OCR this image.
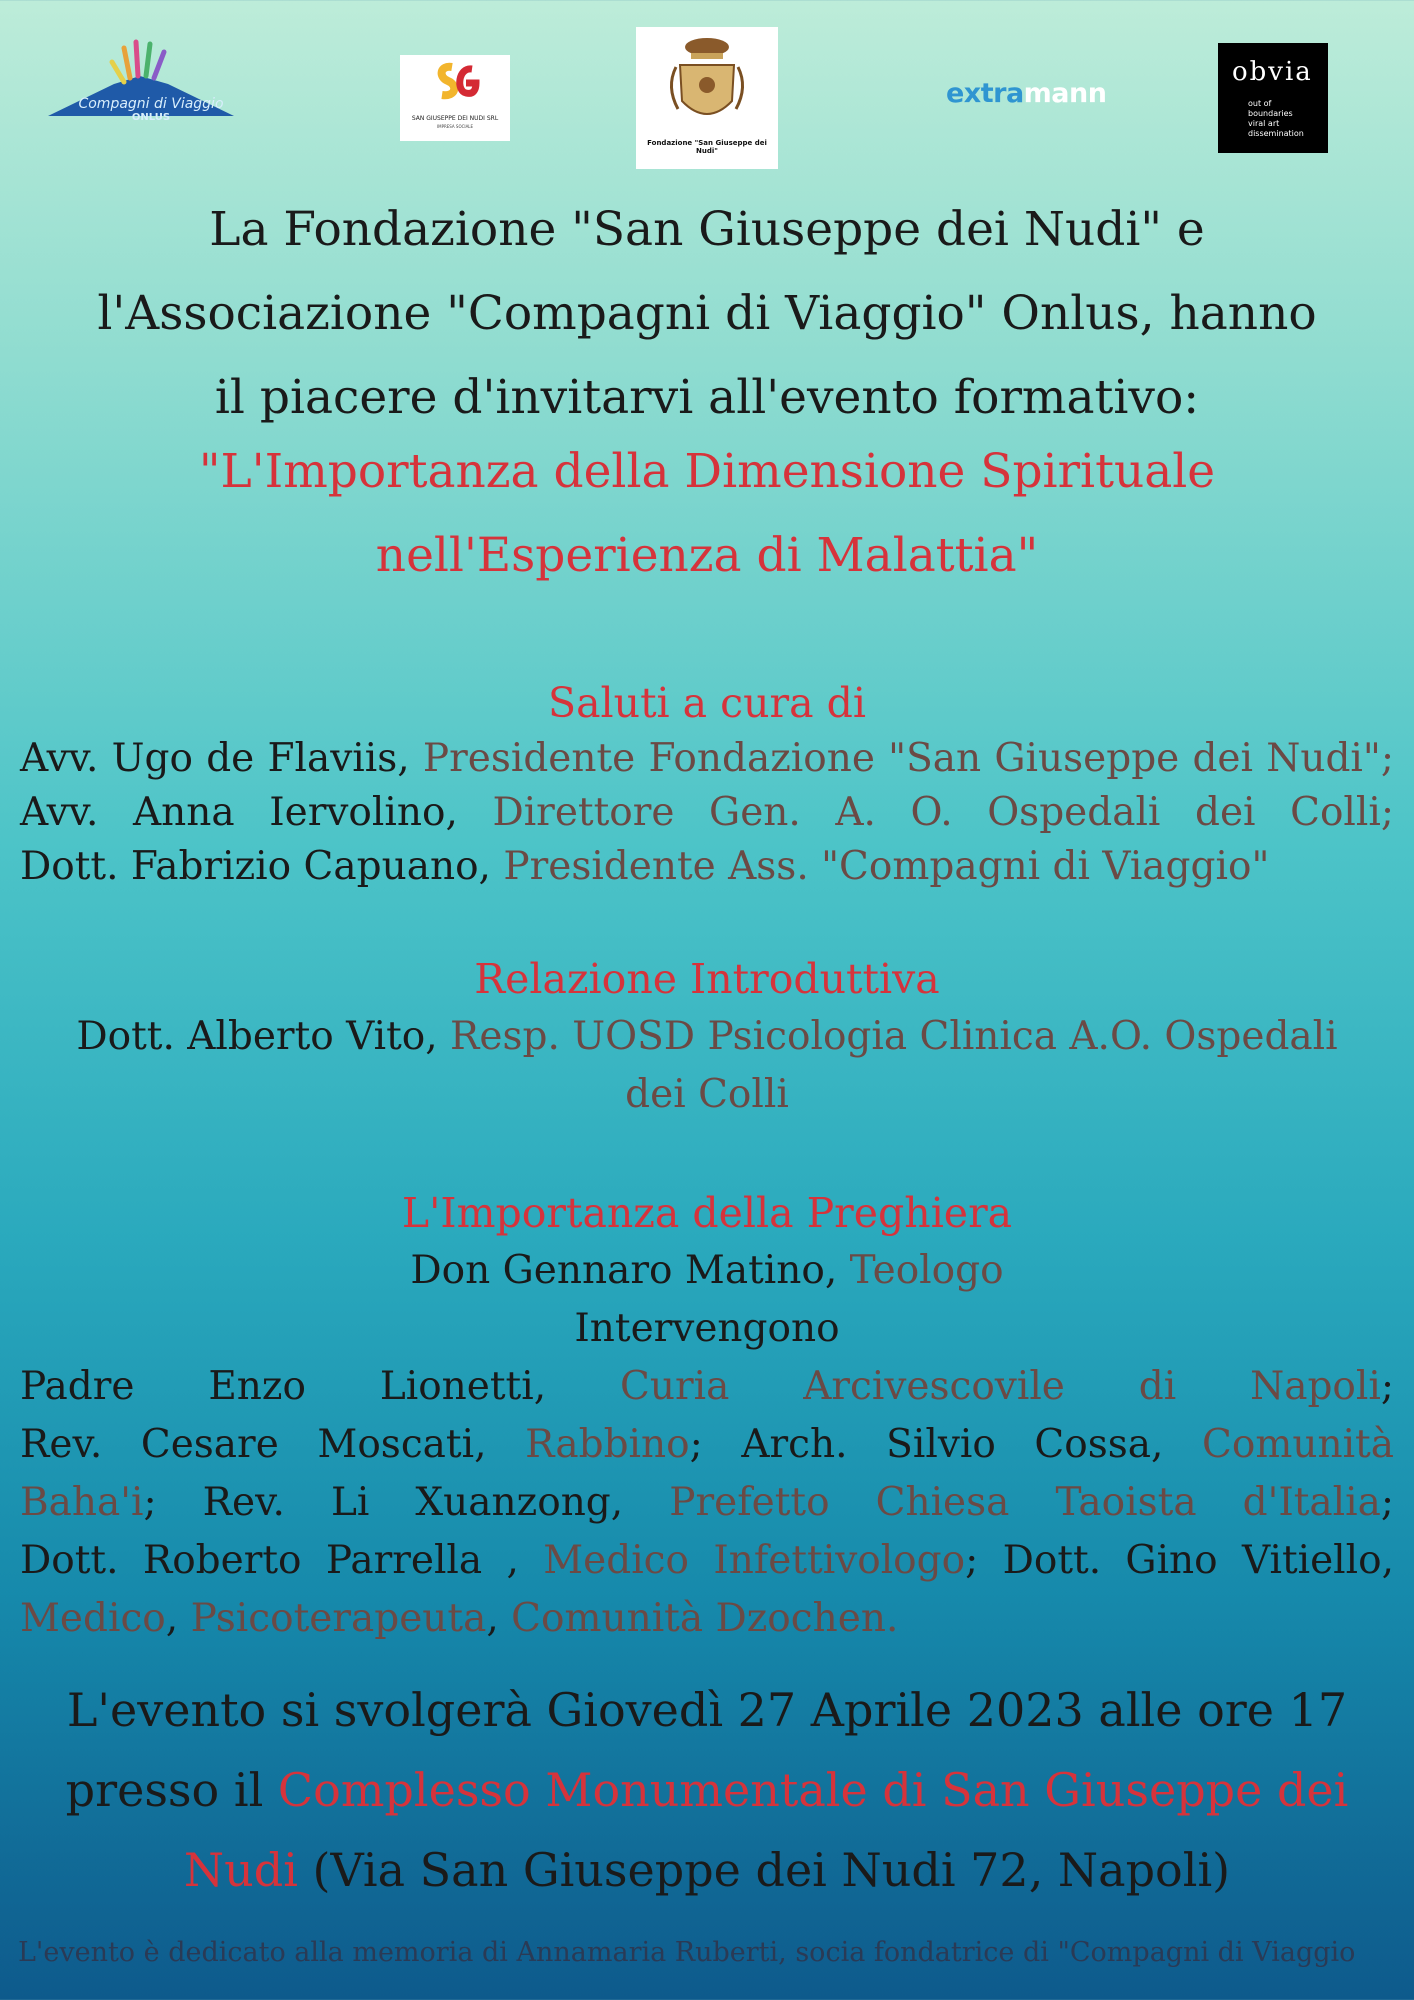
Compagni di Viaggio
ONLUS	SAN GIUSEPPE DEI NUDI SRL
IMPRESA SOCIALE
Fondazione "San Giuseppe dei Nudi"
extramann
obvia
out of
boundaries
viral art
dissemination
La Fondazione "San Giuseppe dei Nudi" e
l'Associazione "Compagni di Viaggio" Onlus, hanno
il piacere d'invitarvi all'evento formativo:
"L'Importanza della Dimensione Spirituale
nell'Esperienza di Malattia"
Saluti a cura di
Avv. Ugo de Flaviis, Presidente Fondazione "San Giuseppe dei Nudi";
Avv. Anna Iervolino, Direttore Gen. A. O. Ospedali dei Colli;
Dott. Fabrizio Capuano, Presidente Ass. "Compagni di Viaggio"
Relazione Introduttiva
Dott. Alberto Vito, Resp. UOSD Psicologia Clinica A.O. Ospedali
dei Colli
L'Importanza della Preghiera
Don Gennaro Matino, Teologo
Intervengono
Padre Enzo Lionetti, Curia Arcivescovile di Napoli;
Rev. Cesare Moscati, Rabbino; Arch. Silvio Cossa, Comunità
Baha'i; Rev. Li Xuanzong, Prefetto Chiesa Taoista d'Italia;
Dott. Roberto Parrella , Medico Infettivologo; Dott. Gino Vitiello,
Medico, Psicoterapeuta, Comunità Dzochen.
L'evento si svolgerà Giovedì 27 Aprile 2023 alle ore 17
presso il Complesso Monumentale di San Giuseppe dei
Nudi (Via San Giuseppe dei Nudi 72, Napoli)
L'evento è dedicato alla memoria di Annamaria Ruberti, socia fondatrice di "Compagni di Viaggio
